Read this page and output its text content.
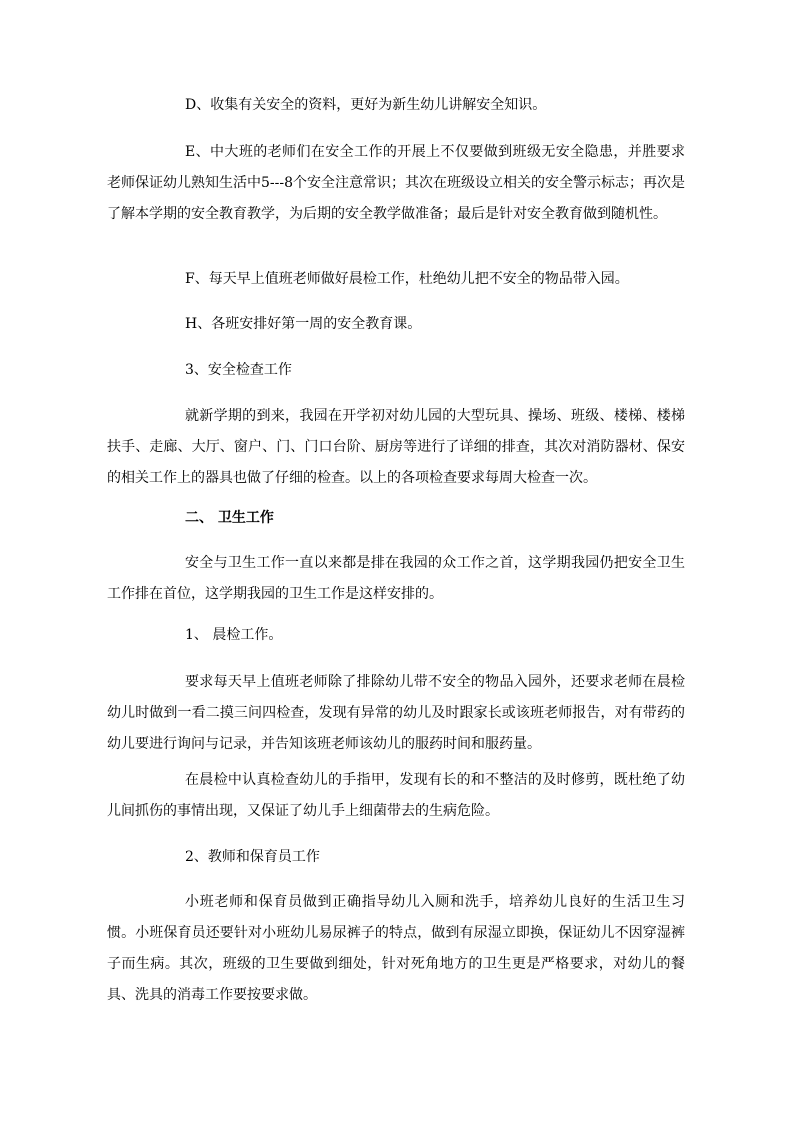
D、收集有关安全的资料，更好为新生幼儿讲解安全知识。

E、中大班的老师们在安全工作的开展上不仅要做到班级无安全隐患，并胜要求老师保证幼儿熟知生活中5---8个安全注意常识；其次在班级设立相关的安全警示标志；再次是了解本学期的安全教育教学，为后期的安全教学做准备；最后是针对安全教育做到随机性。

F、每天早上值班老师做好晨检工作，杜绝幼儿把不安全的物品带入园。

H、各班安排好第一周的安全教育课。

3、安全检查工作

就新学期的到来，我园在开学初对幼儿园的大型玩具、操场、班级、楼梯、楼梯扶手、走廊、大厅、窗户、门、门口台阶、厨房等进行了详细的排查，其次对消防器材、保安的相关工作上的器具也做了仔细的检查。以上的各项检查要求每周大检查一次。

二、 卫生工作

安全与卫生工作一直以来都是排在我园的众工作之首，这学期我园仍把安全卫生工作排在首位，这学期我园的卫生工作是这样安排的。

1、 晨检工作。

要求每天早上值班老师除了排除幼儿带不安全的物品入园外，还要求老师在晨检幼儿时做到一看二摸三问四检查，发现有异常的幼儿及时跟家长或该班老师报告，对有带药的幼儿要进行询问与记录，并告知该班老师该幼儿的服药时间和服药量。

在晨检中认真检查幼儿的手指甲，发现有长的和不整洁的及时修剪，既杜绝了幼儿间抓伤的事情出现，又保证了幼儿手上细菌带去的生病危险。

2、教师和保育员工作

小班老师和保育员做到正确指导幼儿入厕和洗手，培养幼儿良好的生活卫生习惯。小班保育员还要针对小班幼儿易尿裤子的特点，做到有尿湿立即换，保证幼儿不因穿湿裤子而生病。其次，班级的卫生要做到细处，针对死角地方的卫生更是严格要求，对幼儿的餐具、洗具的消毒工作要按要求做。
